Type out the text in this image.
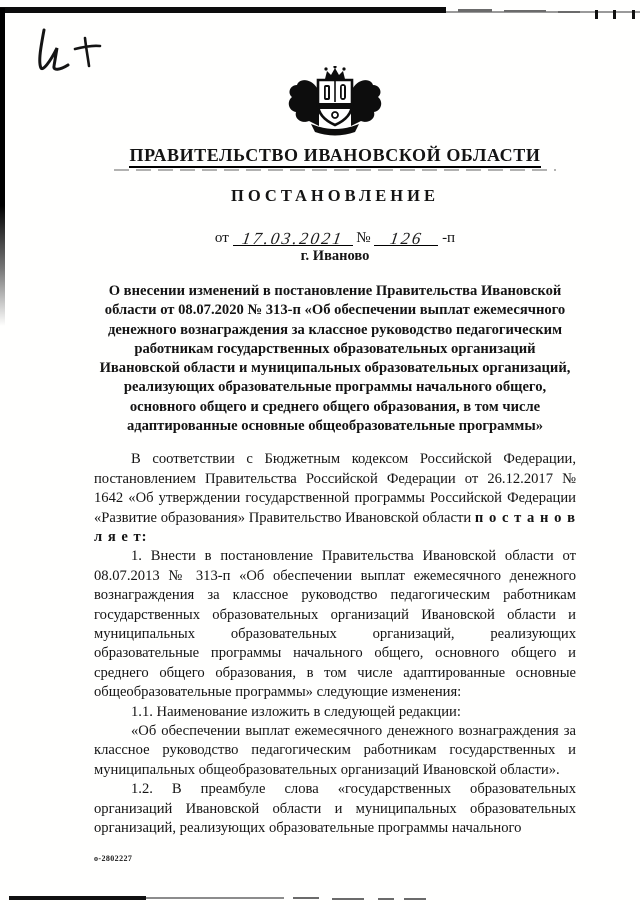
ПРАВИТЕЛЬСТВО ИВАНОВСКОЙ ОБЛАСТИ
ПОСТАНОВЛЕНИЕ
от 17.03.2021 № 126 -п
г. Иваново
О внесении изменений в постановление Правительства Ивановской области от 08.07.2020 № 313-п «Об обеспечении выплат ежемесячного денежного вознаграждения за классное руководство педагогическим работникам государственных образовательных организаций Ивановской области и муниципальных образовательных организаций, реализующих образовательные программы начального общего, основного общего и среднего общего образования, в том числе адаптированные основные общеобразовательные программы»

В соответствии с Бюджетным кодексом Российской Федерации, постановлением Правительства Российской Федерации от 26.12.2017 № 1642 «Об утверждении государственной программы Российской Федерации «Развитие образования» Правительство Ивановской области п о с т а н о в л я е т:

1. Внести в постановление Правительства Ивановской области от 08.07.2013 № 313-п «Об обеспечении выплат ежемесячного денежного вознаграждения за классное руководство педагогическим работникам государственных образовательных организаций Ивановской области и муниципальных образовательных организаций, реализующих образовательные программы начального общего, основного общего и среднего общего образования, в том числе адаптированные основные общеобразовательные программы» следующие изменения:

1.1. Наименование изложить в следующей редакции:

«Об обеспечении выплат ежемесячного денежного вознаграждения за классное руководство педагогическим работникам государственных и муниципальных общеобразовательных организаций Ивановской области».

1.2. В преамбуле слова «государственных образовательных организаций Ивановской области и муниципальных образовательных организаций, реализующих образовательные программы начального

о-2802227
